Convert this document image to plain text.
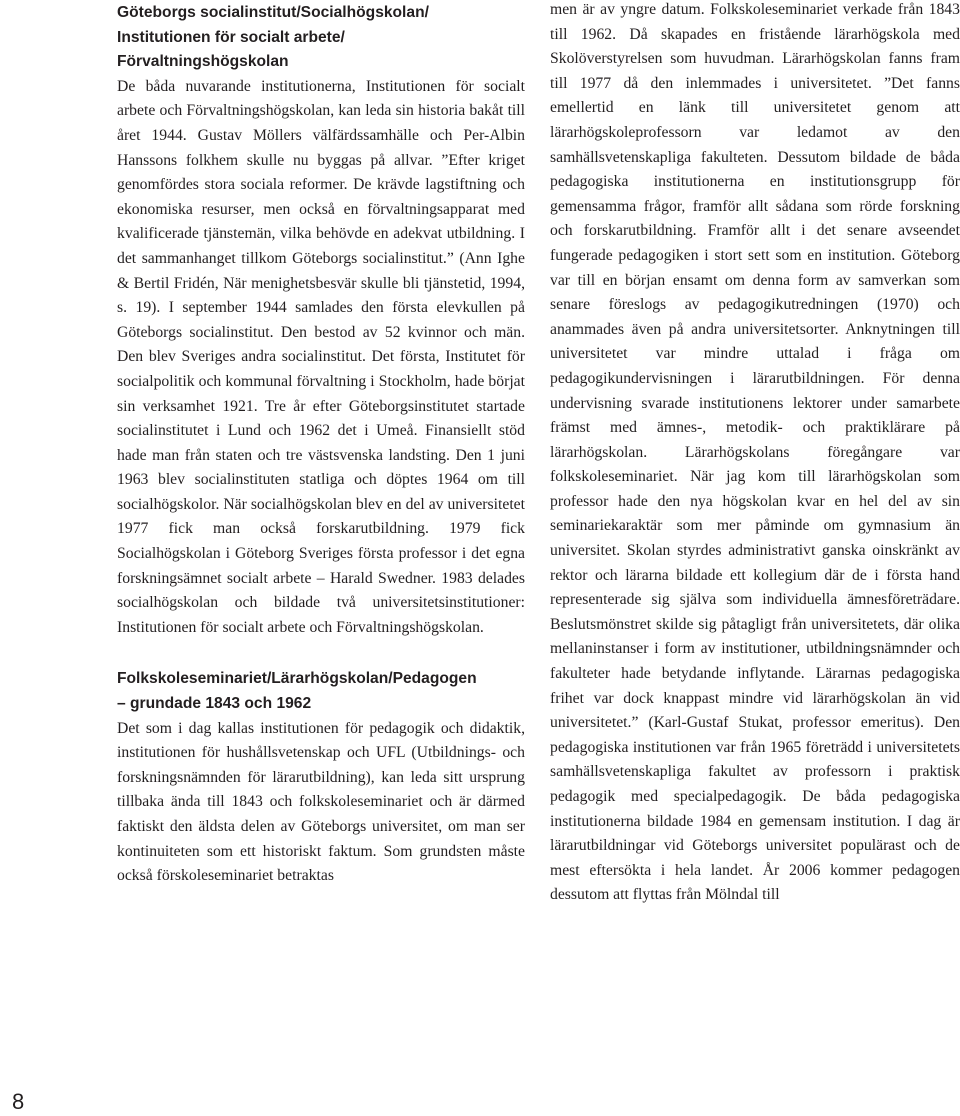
Göteborgs socialinstitut/Socialhögskolan/
Institutionen för socialt arbete/
Förvaltningshögskolan

De båda nuvarande institutionerna, Institutionen för socialt arbete och Förvaltningshögskolan, kan leda sin historia bakåt till året 1944. Gustav Möllers välfärdssamhälle och Per-Albin Hanssons folkhem skulle nu byggas på allvar. ”Efter kriget genomfördes stora sociala reformer. De krävde lagstiftning och ekonomiska resurser, men också en förvaltningsapparat med kvalificerade tjänstemän, vilka behövde en adekvat utbildning. I det sammanhanget tillkom Göteborgs socialinstitut.” (Ann Ighe & Bertil Fridén, När menighetsbesvär skulle bli tjänstetid, 1994, s. 19). I september 1944 samlades den första elevkullen på Göteborgs socialinstitut. Den bestod av 52 kvinnor och män. Den blev Sveriges andra socialinstitut. Det första, Institutet för socialpolitik och kommunal förvaltning i Stockholm, hade börjat sin verksamhet 1921. Tre år efter Göteborgsinstitutet startade socialinstitutet i Lund och 1962 det i Umeå. Finansiellt stöd hade man från staten och tre västsvenska landsting. Den 1 juni 1963 blev socialinstituten statliga och döptes 1964 om till socialhögskolor. När socialhögskolan blev en del av universitetet 1977 fick man också forskarutbildning. 1979 fick Socialhögskolan i Göteborg Sveriges första professor i det egna forskningsämnet socialt arbete – Harald Swedner. 1983 delades socialhögskolan och bildade två universitetsinstitutioner: Institutionen för socialt arbete och Förvaltningshögskolan.

Folkskoleseminariet/Lärarhögskolan/Pedagogen
– grundade 1843 och 1962

Det som i dag kallas institutionen för pedagogik och didaktik, institutionen för hushållsvetenskap och UFL (Utbildnings- och forskningsnämnden för lärarutbildning), kan leda sitt ursprung tillbaka ända till 1843 och folkskoleseminariet och är därmed faktiskt den äldsta delen av Göteborgs universitet, om man ser kontinuiteten som ett historiskt faktum. Som grundsten måste också förskoleseminariet betraktas

men är av yngre datum. Folkskoleseminariet verkade från 1843 till 1962. Då skapades en fristående lärarhögskola med Skolöverstyrelsen som huvudman. Lärarhögskolan fanns fram till 1977 då den inlemmades i universitetet. ”Det fanns emellertid en länk till universitetet genom att lärarhögskoleprofessorn var ledamot av den samhällsvetenskapliga fakulteten. Dessutom bildade de båda pedagogiska institutionerna en institutionsgrupp för gemensamma frågor, framför allt sådana som rörde forskning och forskarutbildning. Framför allt i det senare avseendet fungerade pedagogiken i stort sett som en institution. Göteborg var till en början ensamt om denna form av samverkan som senare föreslogs av pedagogikutredningen (1970) och anammades även på andra universitetsorter. Anknytningen till universitetet var mindre uttalad i fråga om pedagogikundervisningen i lärarutbildningen. För denna undervisning svarade institutionens lektorer under samarbete främst med ämnes-, metodik- och praktiklärare på lärarhögskolan. Lärarhögskolans föregångare var folkskoleseminariet. När jag kom till lärarhögskolan som professor hade den nya högskolan kvar en hel del av sin seminariekaraktär som mer påminde om gymnasium än universitet. Skolan styrdes administrativt ganska oinskränkt av rektor och lärarna bildade ett kollegium där de i första hand representerade sig själva som individuella ämnesföreträdare. Beslutsmönstret skilde sig påtagligt från universitetets, där olika mellaninstanser i form av institutioner, utbildningsnämnder och fakulteter hade betydande inflytande. Lärarnas pedagogiska frihet var dock knappast mindre vid lärarhögskolan än vid universitetet.” (Karl-Gustaf Stukat, professor emeritus). Den pedagogiska institutionen var från 1965 företrädd i universitetets samhällsvetenskapliga fakultet av professorn i praktisk pedagogik med specialpedagogik. De båda pedagogiska institutionerna bildade 1984 en gemensam institution. I dag är lärarutbildningar vid Göteborgs universitet populärast och de mest eftersökta i hela landet. År 2006 kommer pedagogen dessutom att flyttas från Mölndal till

8
